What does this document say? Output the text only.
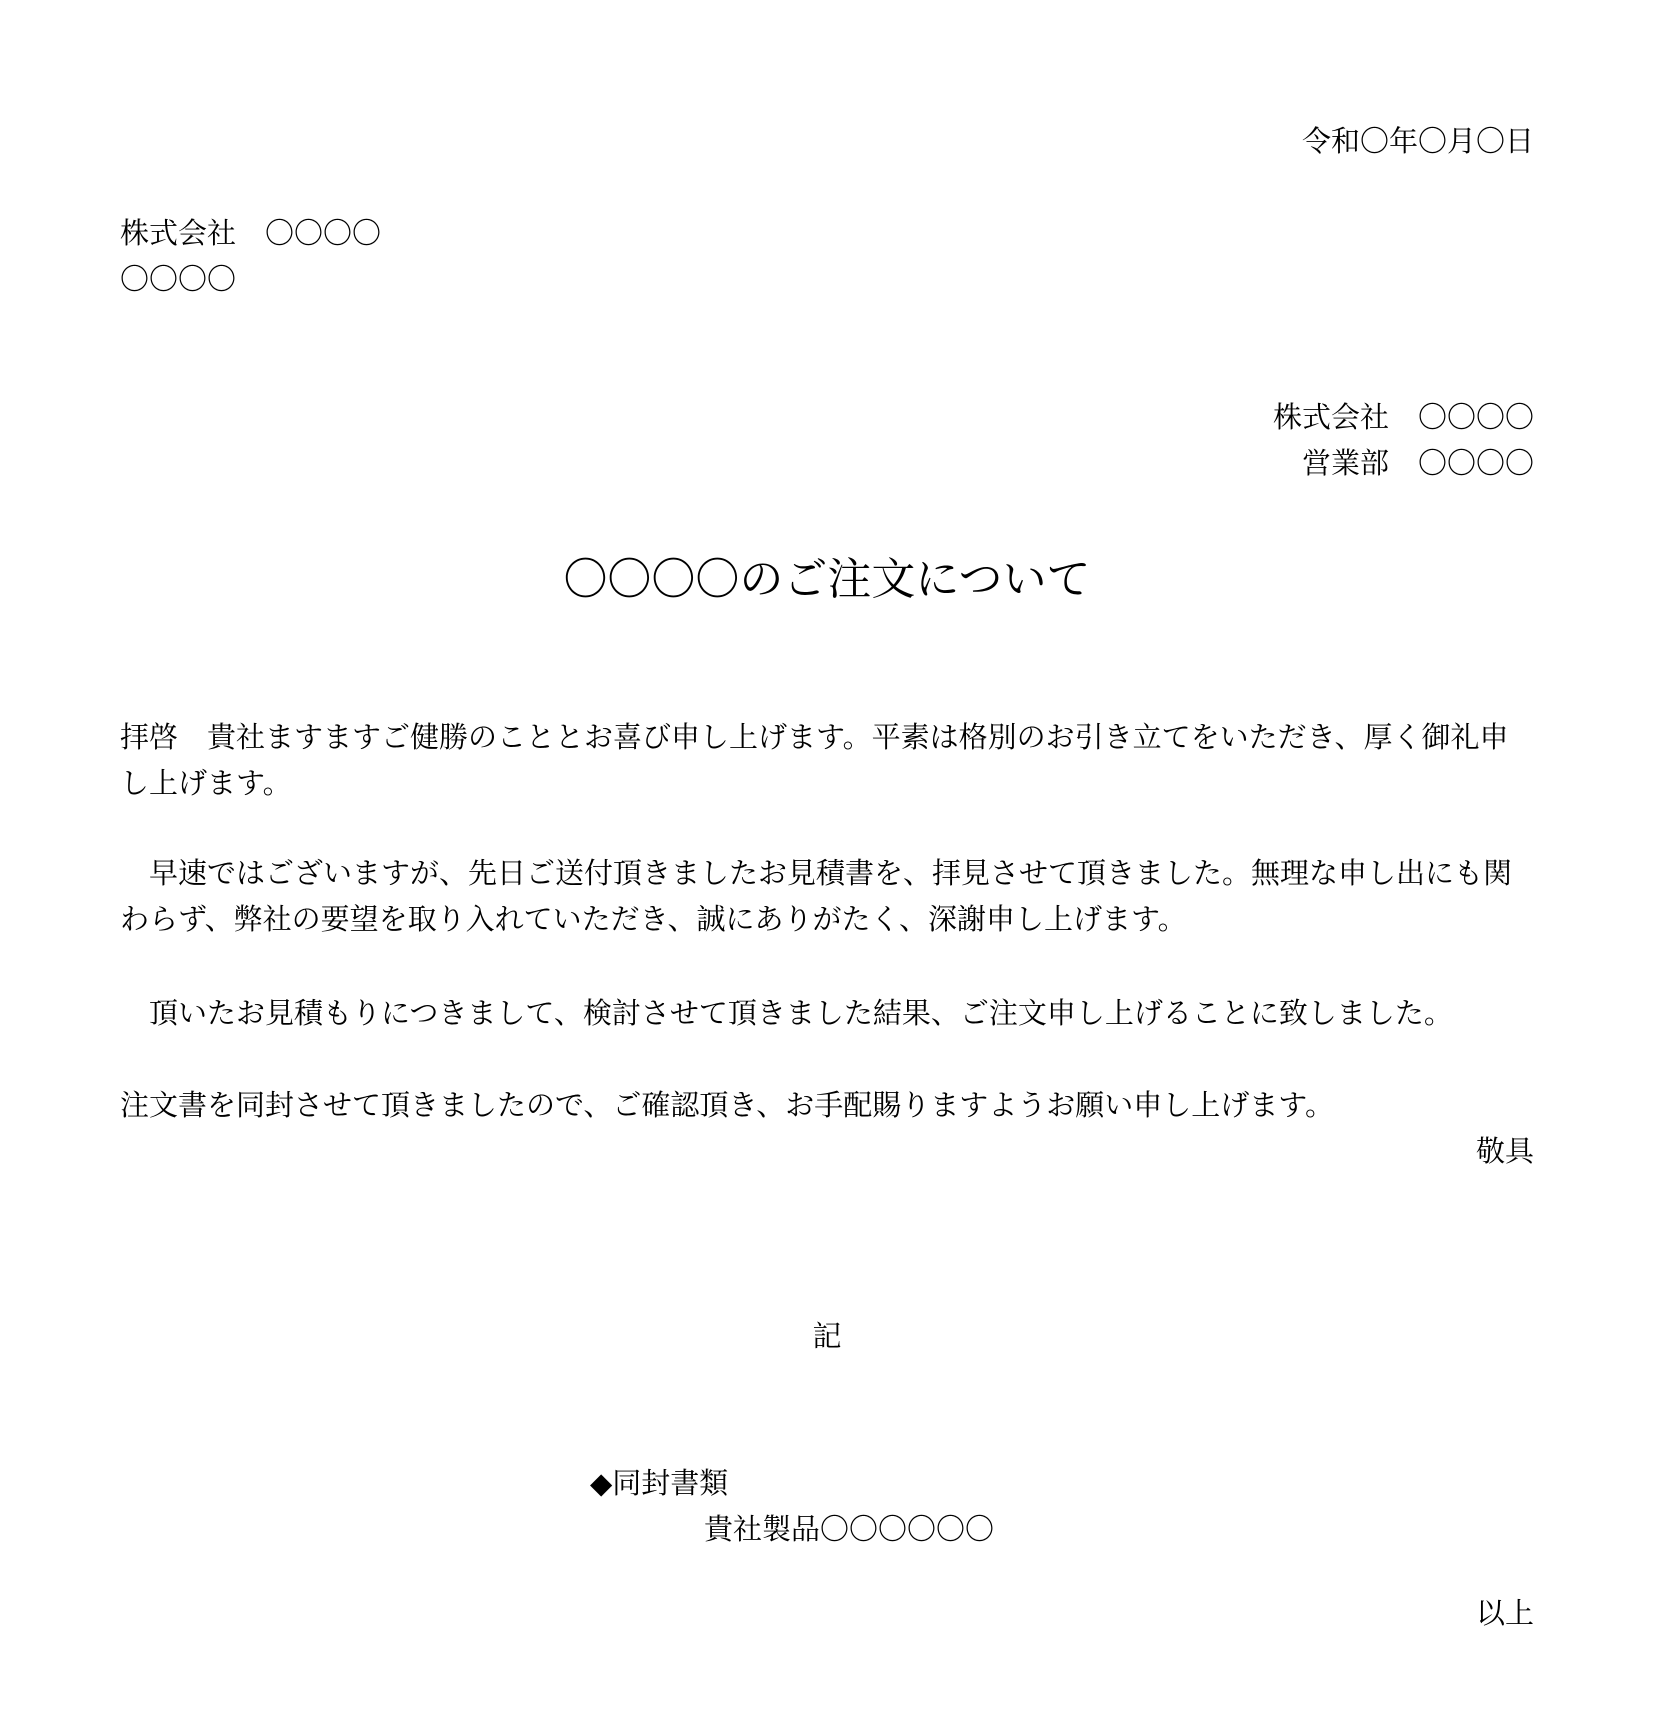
令和〇年〇月〇日
株式会社　〇〇〇〇
〇〇〇〇
株式会社　〇〇〇〇
営業部　〇〇〇〇
〇〇〇〇のご注文について
拝啓　貴社ますますご健勝のこととお喜び申し上げます。平素は格別のお引き立てをいただき、厚く御礼申し上げます。
　早速ではございますが、先日ご送付頂きましたお見積書を、拝見させて頂きました。無理な申し出にも関わらず、弊社の要望を取り入れていただき、誠にありがたく、深謝申し上げます。
　頂いたお見積もりにつきまして、検討させて頂きました結果、ご注文申し上げることに致しました。
注文書を同封させて頂きましたので、ご確認頂き、お手配賜りますようお願い申し上げます。
敬具
記
◆同封書類
貴社製品〇〇〇〇〇〇
以上
